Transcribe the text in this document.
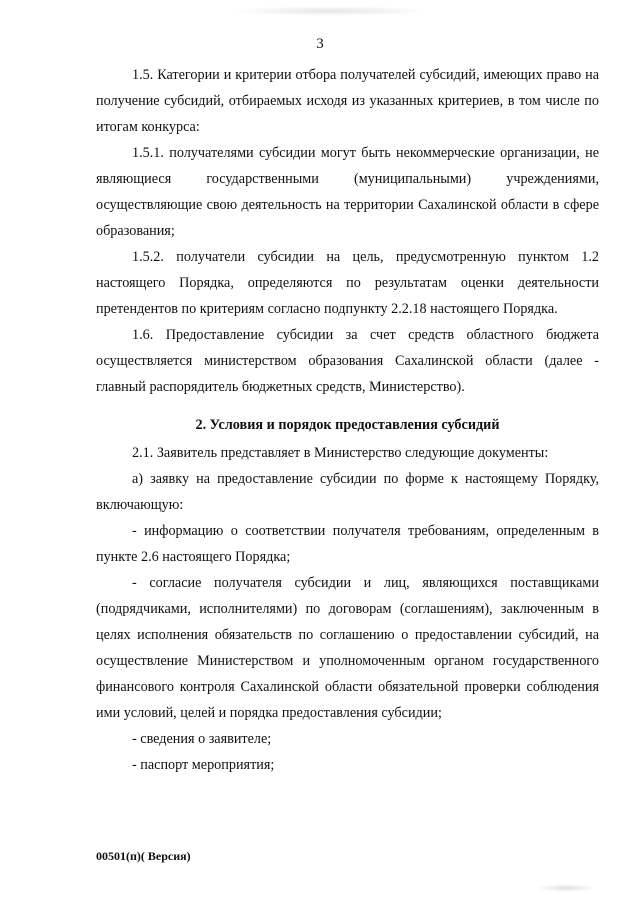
3

1.5. Категории и критерии отбора получателей субсидий, имеющих право на получение субсидий, отбираемых исходя из указанных критериев, в том числе по итогам конкурса:

1.5.1. получателями субсидии могут быть некоммерческие организации, не являющиеся государственными (муниципальными) учреждениями, осуществляющие свою деятельность на территории Сахалинской области в сфере образования;

1.5.2. получатели субсидии на цель, предусмотренную пунктом 1.2 настоящего Порядка, определяются по результатам оценки деятельности претендентов по критериям согласно подпункту 2.2.18 настоящего Порядка.

1.6. Предоставление субсидии за счет средств областного бюджета осуществляется министерством образования Сахалинской области (далее - главный распорядитель бюджетных средств, Министерство).

2. Условия и порядок предоставления субсидий

2.1. Заявитель представляет в Министерство следующие документы:

а) заявку на предоставление субсидии по форме к настоящему Порядку, включающую:

- информацию о соответствии получателя требованиям, определенным в пункте 2.6 настоящего Порядка;

- согласие получателя субсидии и лиц, являющихся поставщиками (подрядчиками, исполнителями) по договорам (соглашениям), заключенным в целях исполнения обязательств по соглашению о предоставлении субсидий, на осуществление Министерством и уполномоченным органом государственного финансового контроля Сахалинской области обязательной проверки соблюдения ими условий, целей и порядка предоставления субсидии;

- сведения о заявителе;

- паспорт мероприятия;

00501(п)( Версия)
